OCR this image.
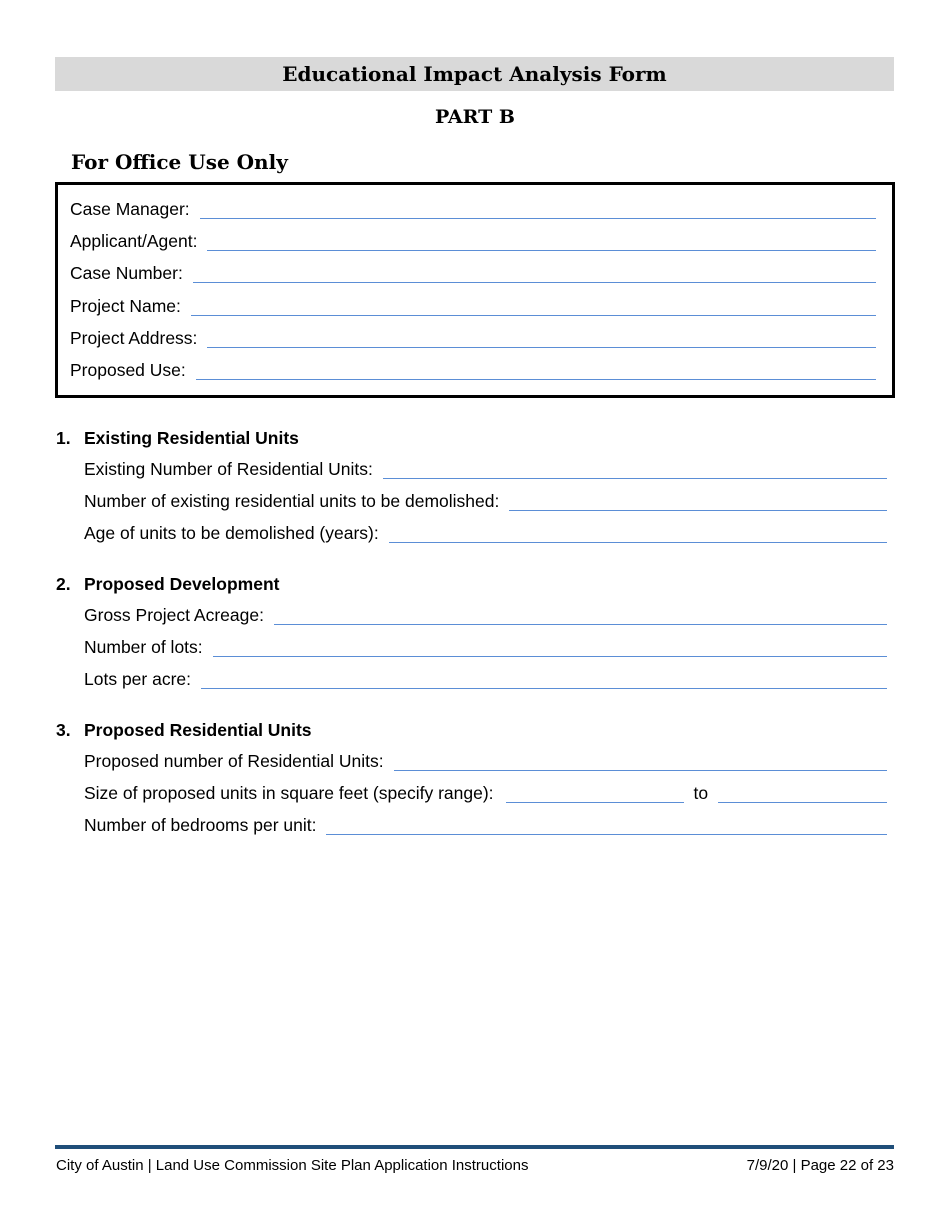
Educational Impact Analysis Form
PART B
For Office Use Only
Case Manager:
Applicant/Agent:
Case Number:
Project Name:
Project Address:
Proposed Use:
1. Existing Residential Units
Existing Number of Residential Units:
Number of existing residential units to be demolished:
Age of units to be demolished (years):
2. Proposed Development
Gross Project Acreage:
Number of lots:
Lots per acre:
3. Proposed Residential Units
Proposed number of Residential Units:
Size of proposed units in square feet (specify range):	to
Number of bedrooms per unit:
City of Austin | Land Use Commission Site Plan Application Instructions	7/9/20 | Page 22 of 23
